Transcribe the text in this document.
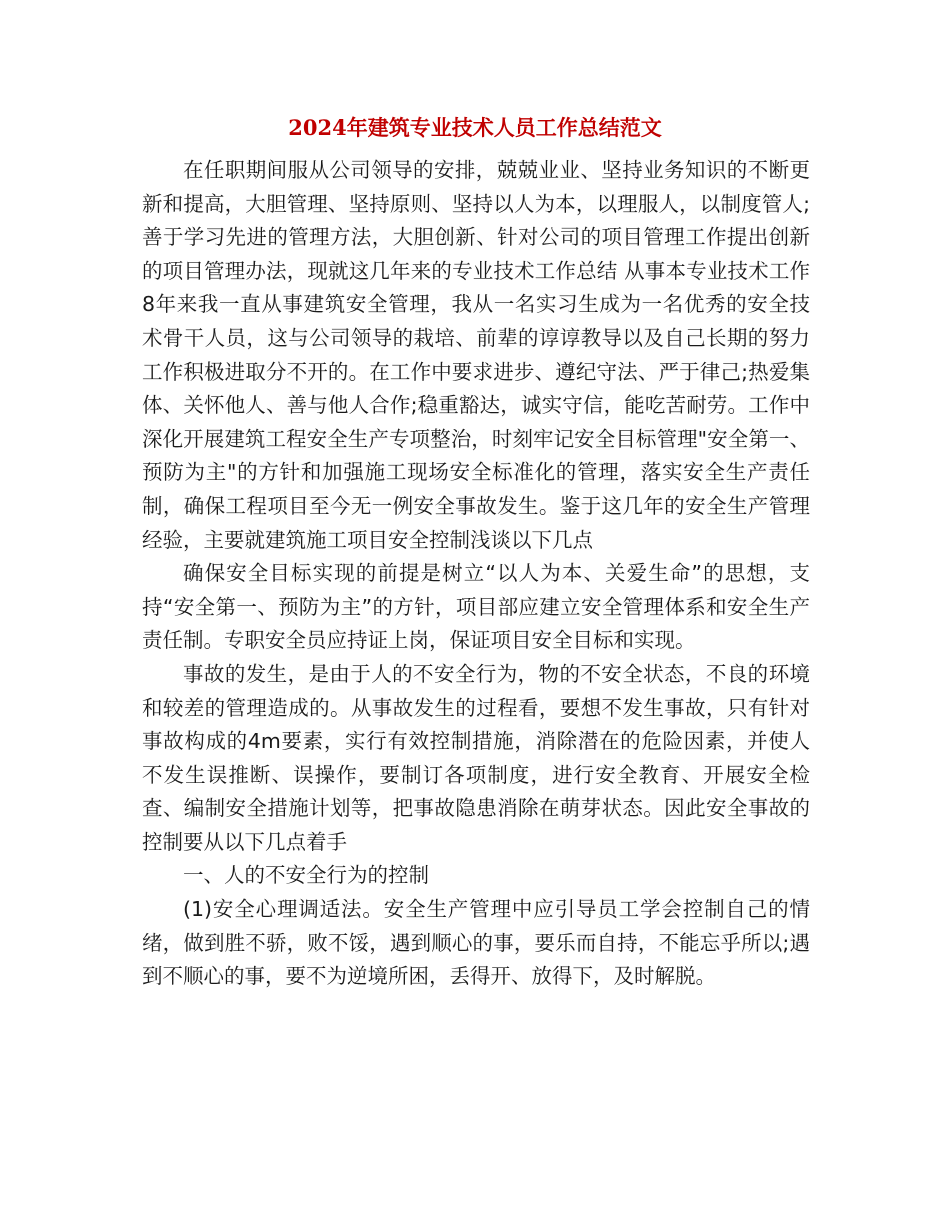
2024年建筑专业技术人员工作总结范文

在任职期间服从公司领导的安排，兢兢业业、坚持业务知识的不断更新和提高，大胆管理、坚持原则、坚持以人为本，以理服人，以制度管人;善于学习先进的管理方法，大胆创新、针对公司的项目管理工作提出创新的项目管理办法，现就这几年来的专业技术工作总结 从事本专业技术工作8年来我一直从事建筑安全管理，我从一名实习生成为一名优秀的安全技术骨干人员，这与公司领导的栽培、前辈的谆谆教导以及自己长期的努力工作积极进取分不开的。在工作中要求进步、遵纪守法、严于律己;热爱集体、关怀他人、善与他人合作;稳重豁达，诚实守信，能吃苦耐劳。工作中深化开展建筑工程安全生产专项整治，时刻牢记安全目标管理"安全第一、预防为主"的方针和加强施工现场安全标准化的管理，落实安全生产责任制，确保工程项目至今无一例安全事故发生。鉴于这几年的安全生产管理经验，主要就建筑施工项目安全控制浅谈以下几点

确保安全目标实现的前提是树立“以人为本、关爱生命”的思想，支持“安全第一、预防为主”的方针，项目部应建立安全管理体系和安全生产责任制。专职安全员应持证上岗，保证项目安全目标和实现。

事故的发生，是由于人的不安全行为，物的不安全状态，不良的环境和较差的管理造成的。从事故发生的过程看，要想不发生事故，只有针对事故构成的4m要素，实行有效控制措施，消除潜在的危险因素，并使人不发生误推断、误操作，要制订各项制度，进行安全教育、开展安全检查、编制安全措施计划等，把事故隐患消除在萌芽状态。因此安全事故的控制要从以下几点着手

一、人的不安全行为的控制

(1)安全心理调适法。安全生产管理中应引导员工学会控制自己的情绪，做到胜不骄，败不馁，遇到顺心的事，要乐而自持，不能忘乎所以;遇到不顺心的事，要不为逆境所困，丢得开、放得下，及时解脱。
